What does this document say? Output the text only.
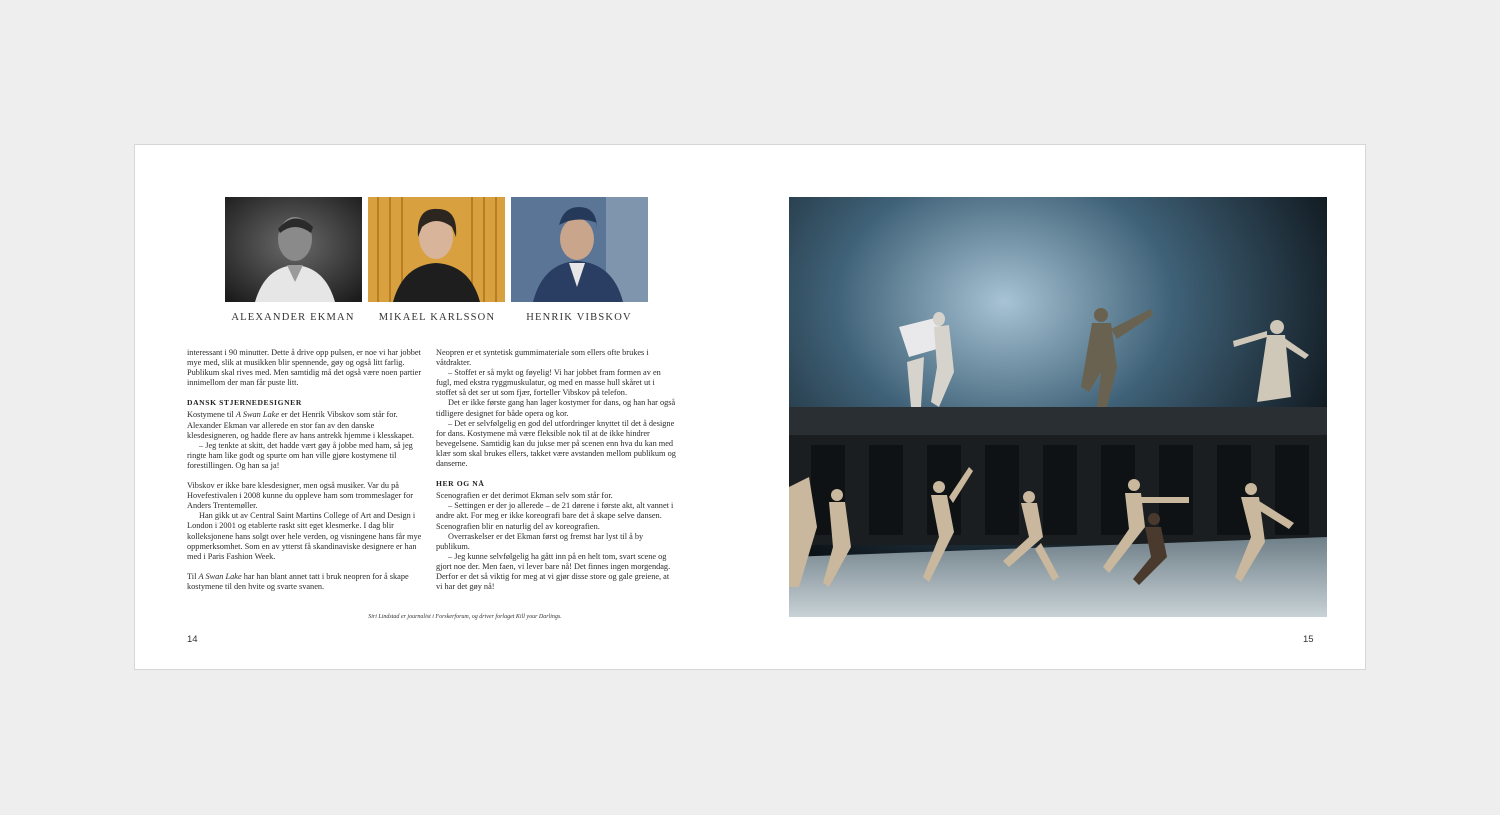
ALEXANDER EKMAN	MIKAEL KARLSSON	HENRIK VIBSKOV

interessant i 90 minutter. Dette å drive opp pulsen, er noe vi har jobbet mye med, slik at musikken blir spennende, gøy og også litt farlig. Publikum skal rives med. Men samtidig må det også være noen partier innimellom der man får puste litt.

DANSK STJERNEDESIGNER

Kostymene til A Swan Lake er det Henrik Vibskov som står for. Alexander Ekman var allerede en stor fan av den danske klesdesigneren, og hadde flere av hans antrekk hjemme i klesskapet.

– Jeg tenkte at skitt, det hadde vært gøy å jobbe med ham, så jeg ringte ham like godt og spurte om han ville gjøre kostymene til forestillingen. Og han sa ja!

Vibskov er ikke bare klesdesigner, men også musiker. Var du på Hovefestivalen i 2008 kunne du oppleve ham som trommeslager for Anders Trentemøller.

Han gikk ut av Central Saint Martins College of Art and Design i London i 2001 og etablerte raskt sitt eget klesmerke. I dag blir kolleksjonene hans solgt over hele verden, og visningene hans får mye oppmerksomhet. Som en av ytterst få skandinaviske designere er han med i Paris Fashion Week.

Til A Swan Lake har han blant annet tatt i bruk neopren for å skape kostymene til den hvite og svarte svanen.

Neopren er et syntetisk gummimateriale som ellers ofte brukes i våtdrakter.

– Stoffet er så mykt og føyelig! Vi har jobbet fram formen av en fugl, med ekstra ryggmuskulatur, og med en masse hull skåret ut i stoffet så det ser ut som fjær, forteller Vibskov på telefon.

Det er ikke første gang han lager kostymer for dans, og han har også tidligere designet for både opera og kor.

– Det er selvfølgelig en god del utfordringer knyttet til det å designe for dans. Kostymene må være fleksible nok til at de ikke hindrer bevegelsene. Samtidig kan du jukse mer på scenen enn hva du kan med klær som skal brukes ellers, takket være avstanden mellom publikum og danserne.

HER OG NÅ

Scenografien er det derimot Ekman selv som står for.

– Settingen er der jo allerede – de 21 dørene i første akt, alt vannet i andre akt. For meg er ikke koreografi bare det å skape selve dansen. Scenografien blir en naturlig del av koreografien.

Overraskelser er det Ekman først og fremst har lyst til å by publikum.

– Jeg kunne selvfølgelig ha gått inn på en helt tom, svart scene og gjort noe der. Men faen, vi lever bare nå! Det finnes ingen morgendag. Derfor er det så viktig for meg at vi gjør disse store og gale greiene, at vi har det gøy nå!

Siri Lindstad er journalist i Forskerforum, og driver forlaget Kill your Darlings.
14	15
